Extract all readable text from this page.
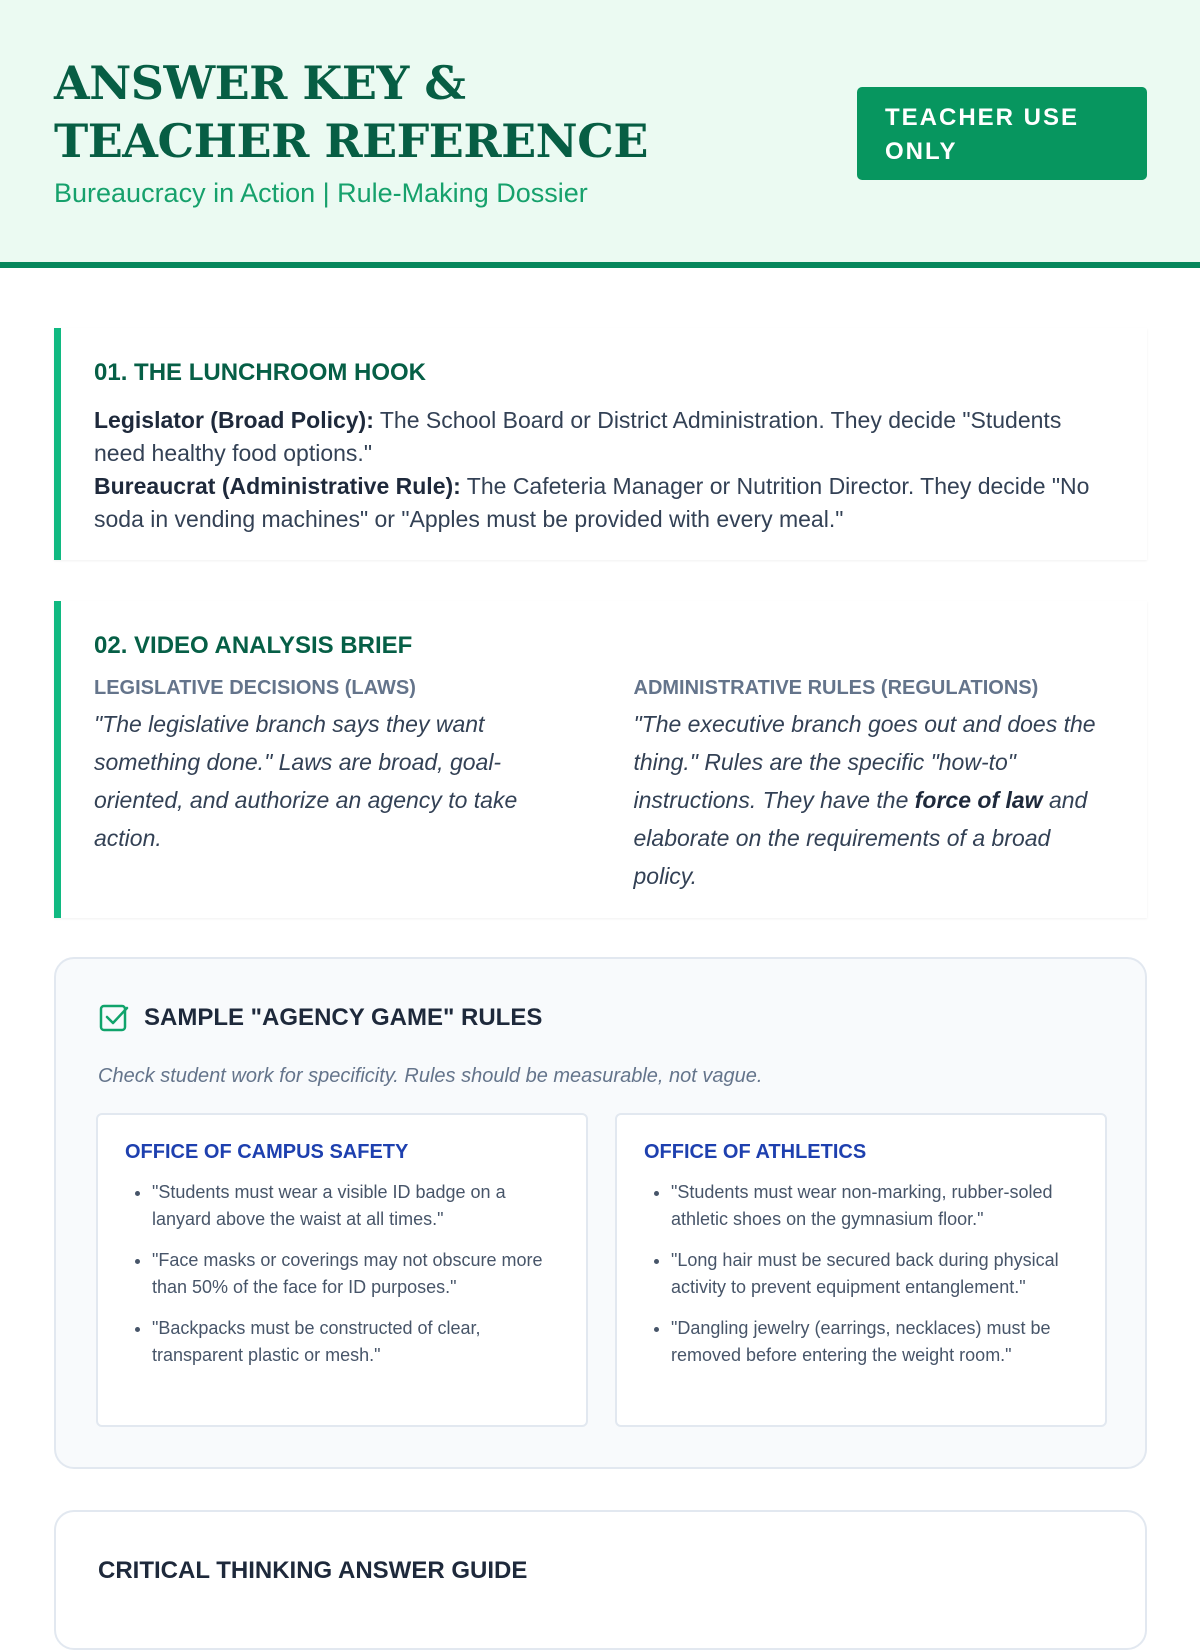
ANSWER KEY & TEACHER REFERENCE
Bureaucracy in Action | Rule-Making Dossier
TEACHER USE ONLY
01. THE LUNCHROOM HOOK

Legislator (Broad Policy): The School Board or District Administration. They decide "Students need healthy food options."

Bureaucrat (Administrative Rule): The Cafeteria Manager or Nutrition Director. They decide "No soda in vending machines" or "Apples must be provided with every meal."

02. VIDEO ANALYSIS BRIEF
LEGISLATIVE DECISIONS (LAWS)
"The legislative branch says they want something done." Laws are broad, goal-oriented, and authorize an agency to take action.
ADMINISTRATIVE RULES (REGULATIONS)
"The executive branch goes out and does the thing." Rules are the specific "how-to" instructions. They have the force of law and elaborate on the requirements of a broad policy.
SAMPLE "AGENCY GAME" RULES
Check student work for specificity. Rules should be measurable, not vague.
OFFICE OF CAMPUS SAFETY
• "Students must wear a visible ID badge on a lanyard above the waist at all times."
• "Face masks or coverings may not obscure more than 50% of the face for ID purposes."
• "Backpacks must be constructed of clear, transparent plastic or mesh."
OFFICE OF ATHLETICS
• "Students must wear non-marking, rubber-soled athletic shoes on the gymnasium floor."
• "Long hair must be secured back during physical activity to prevent equipment entanglement."
• "Dangling jewelry (earrings, necklaces) must be removed before entering the weight room."
CRITICAL THINKING ANSWER GUIDE
